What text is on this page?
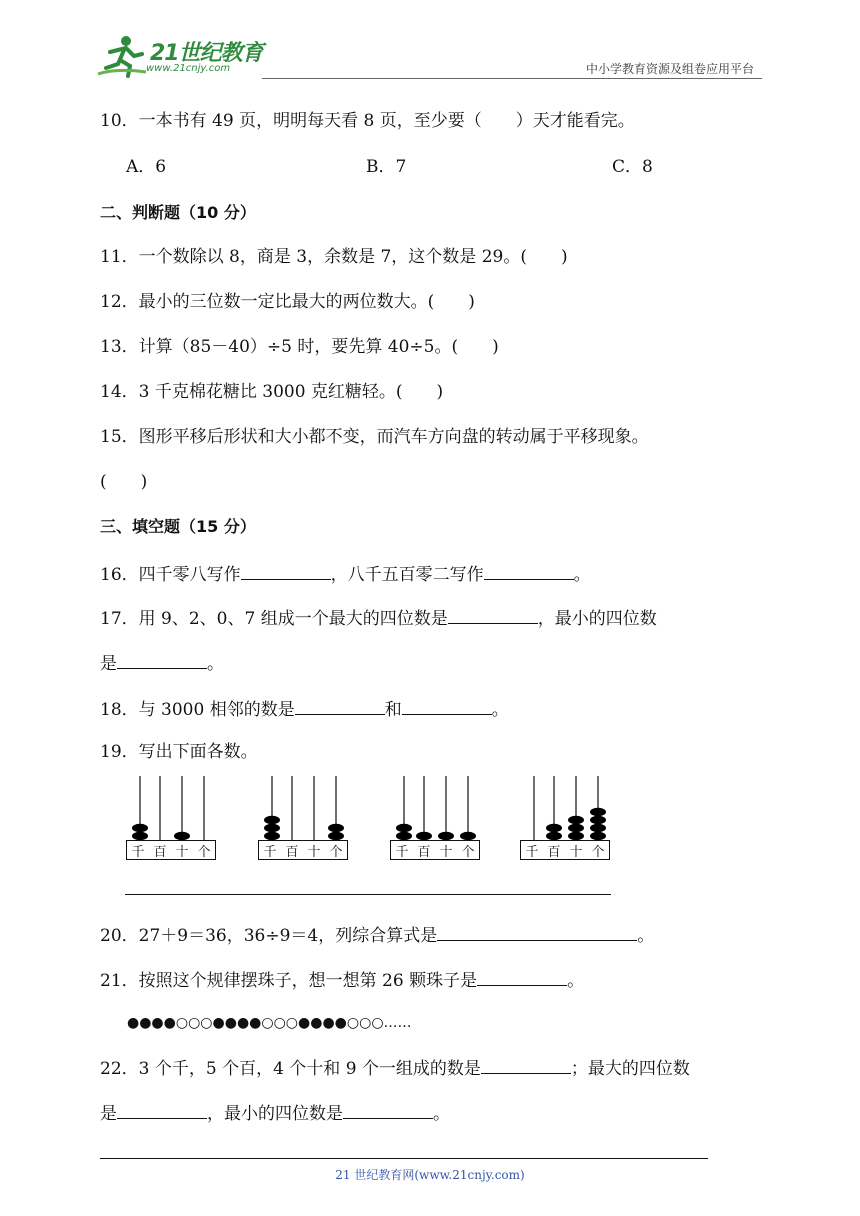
21世纪教育
www.21cnjy.com	中小学教育资源及组卷应用平台
10．一本书有 49 页，明明每天看 8 页，至少要（　　）天才能看完。
A．6	B．7	C．8
二、判断题（10 分）
11．一个数除以 8，商是 3，余数是 7，这个数是 29。(　　)
12．最小的三位数一定比最大的两位数大。(　　)
13．计算（85－40）÷5 时，要先算 40÷5。(　　)
14．3 千克棉花糖比 3000 克红糖轻。(　　)
15．图形平移后形状和大小都不变，而汽车方向盘的转动属于平移现象。
(　　)
三、填空题（15 分）
16．四千零八写作	，八千五百零二写作	。
17．用 9、2、0、7 组成一个最大的四位数是	，最小的四位数
是	。
18．与 3000 相邻的数是	和	。
19．写出下面各数。
千 百 十 个	千 百 十 个	千 百 十 个	千 百 十 个
20．27＋9＝36，36÷9＝4，列综合算式是	。
21．按照这个规律摆珠子，想一想第 26 颗珠子是	。
●●●●○○○●●●●○○○●●●●○○○……
22．3 个千，5 个百，4 个十和 9 个一组成的数是	；最大的四位数
是	，最小的四位数是	。
21 世纪教育网(www.21cnjy.com)
